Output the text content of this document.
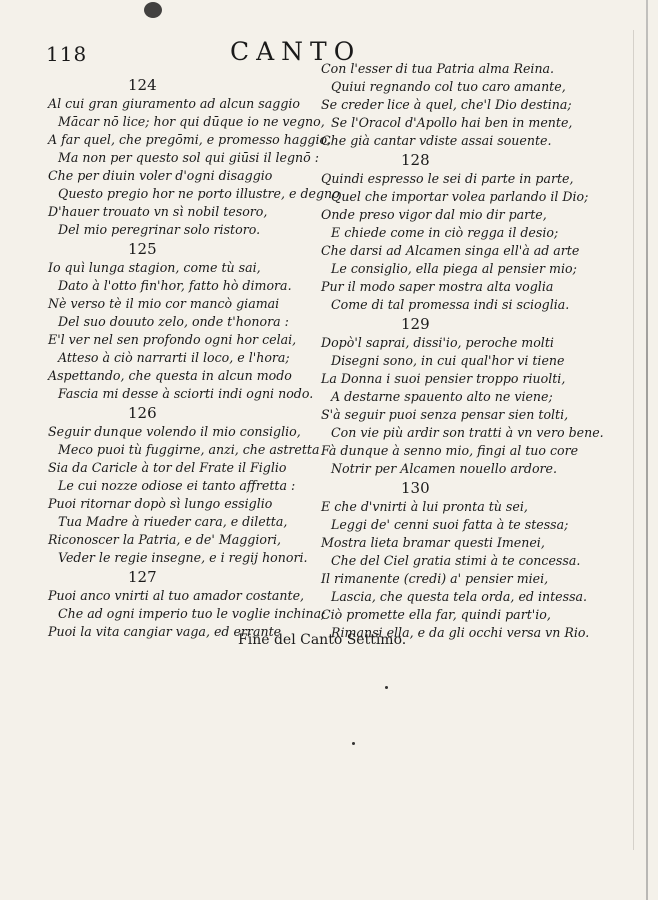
118	CANTO
124
Al cui gran giuramento ad alcun saggio
Mācar nō lice; hor qui dūque io ne vegno,
A far quel, che pregōmi, e promesso haggio,
Ma non per questo sol qui giūsi il legnō :
Che per diuin voler d'ogni disaggio
Questo pregio hor ne porto illustre, e degno
D'hauer trouato vn sì nobil tesoro,
Del mio peregrinar solo ristoro.
125
Io quì lunga stagion, come tù sai,
Dato à l'otto fin'hor, fatto hò dimora.
Nè verso tè il mio cor mancò giamai
Del suo douuto zelo, onde t'honora :
E'l ver nel sen profondo ogni hor celai,
Atteso à ciò narrarti il loco, e l'hora;
Aspettando, che questa in alcun modo
Fascia mi desse à sciorti indi ogni nodo.
126
Seguir dunque volendo il mio consiglio,
Meco puoi tù fuggirne, anzi, che astretta
Sia da Caricle à tor del Frate il Figlio
Le cui nozze odiose ei tanto affretta :
Puoi ritornar dopò sì lungo essiglio
Tua Madre à riueder cara, e diletta,
Riconoscer la Patria, e de' Maggiori,
Veder le regie insegne, e i regij honori.
127
Puoi anco vnirti al tuo amador costante,
Che ad ogni imperio tuo le voglie inchina;
Puoi la vita cangiar vaga, ed errante
Con l'esser di tua Patria alma Reina.
Quiui regnando col tuo caro amante,
Se creder lice à quel, che'l Dio destina;
Se l'Oracol d'Apollo hai ben in mente,
Che già cantar vdiste assai souente.
128
Quindi espresso le sei di parte in parte,
Quel che importar volea parlando il Dio;
Onde preso vigor dal mio dir parte,
E chiede come in ciò regga il desio;
Che darsi ad Alcamen singa ell'à ad arte
Le consiglio, ella piega al pensier mio;
Pur il modo saper mostra alta voglia
Come di tal promessa indi si scioglia.
129
Dopò'l saprai, dissi'io, peroche molti
Disegni sono, in cui qual'hor vi tiene
La Donna i suoi pensier troppo riuolti,
A destarne spauento alto ne viene;
S'à seguir puoi senza pensar sien tolti,
Con vie più ardir son tratti à vn vero bene.
Fà dunque à senno mio, fingi al tuo core
Notrir per Alcamen nouello ardore.
130
E che d'vnirti à lui pronta tù sei,
Leggi de' cenni suoi fatta à te stessa;
Mostra lieta bramar questi Imenei,
Che del Ciel gratia stimi à te concessa.
Il rimanente (credi) a' pensier miei,
Lascia, che questa tela orda, ed intessa.
Ciò promette ella far, quindi part'io,
Rimansi ella, e da gli occhi versa vn Rio.
Fine del Canto Settimo.
